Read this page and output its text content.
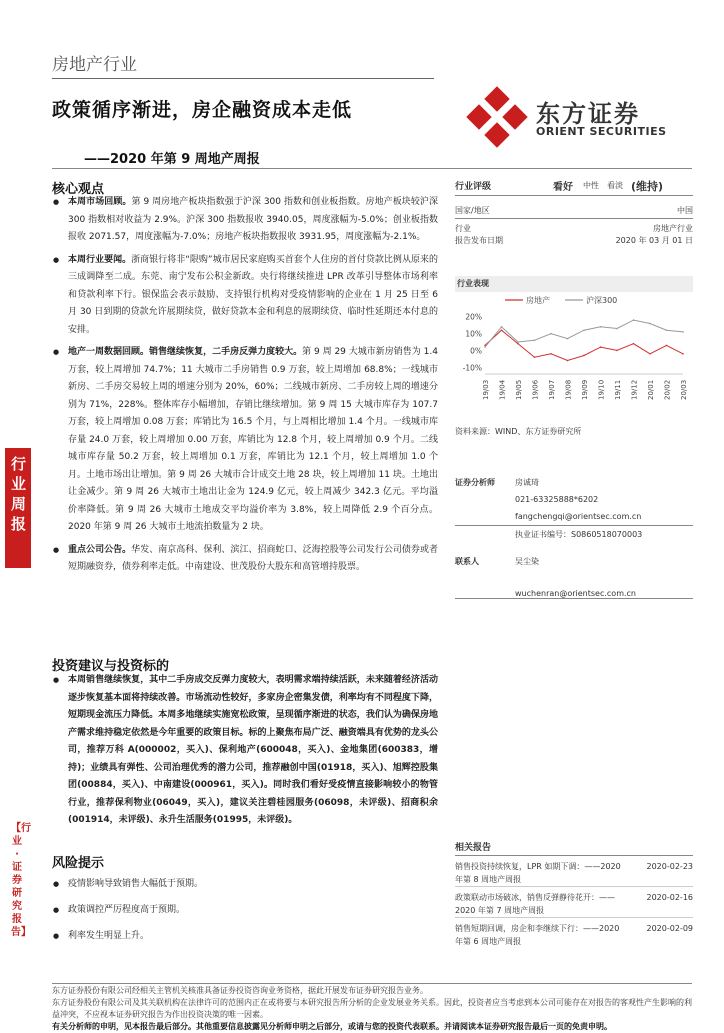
房地产行业
政策循序渐进，房企融资成本走低
——2020 年第 9 周地产周报
东方证券
ORIENT SECURITIES
行业周报
【行业·证券研究报告】
核心观点
● 本周市场回顾。第 9 周房地产板块指数强于沪深 300 指数和创业板指数。房地产板块较沪深 300 指数相对收益为 2.9%。沪深 300 指数报收 3940.05，周度涨幅为-5.0%；创业板指数报收 2071.57，周度涨幅为-7.0%；房地产板块指数报收 3931.95，周度涨幅为-2.1%。
● 本周行业要闻。浙商银行将非“限购”城市居民家庭购买首套个人住房的首付贷款比例从原来的三成调降至二成。东莞、南宁发布公积金新政。央行将继续推进 LPR 改革引导整体市场利率和贷款利率下行。银保监会表示鼓励、支持银行机构对受疫情影响的企业在 1 月 25 日至 6 月 30 日到期的贷款允许展期续贷，做好贷款本金和利息的展期续贷、临时性延期还本付息的安排。
● 地产一周数据回顾。销售继续恢复，二手房反弹力度较大。第 9 周 29 大城市新房销售为 1.4 万套，较上周增加 74.7%；11 大城市二手房销售 0.9 万套，较上周增加 68.8%；一线城市新房、二手房交易较上周的增速分别为 20%，60%；二线城市新房、二手房较上周的增速分别为 71%，228%。整体库存小幅增加，存销比继续增加。第 9 周 15 大城市库存为 107.7 万套，较上周增加 0.08 万套；库销比为 16.5 个月，与上周相比增加 1.4 个月。一线城市库存量 24.0 万套，较上周增加 0.00 万套，库销比为 12.8 个月，较上周增加 0.9 个月。二线城市库存量 50.2 万套，较上周增加 0.1 万套，库销比为 12.1 个月，较上周增加 1.0 个月。土地市场出让增加。第 9 周 26 大城市合计成交土地 28 块，较上周增加 11 块。土地出让金减少。第 9 周 26 大城市土地出让金为 124.9 亿元，较上周减少 342.3 亿元。平均溢价率降低。第 9 周 26 大城市土地成交平均溢价率为 3.8%，较上周降低 2.9 个百分点。2020 年第 9 周 26 大城市土地流拍数量为 2 块。
● 重点公司公告。华发、南京高科、保利、滨江、招商蛇口、泛海控股等公司发行公司债券或者短期融资券，债券利率走低。中南建设、世茂股份大股东和高管增持股票。
投资建议与投资标的
● 本周销售继续恢复，其中二手房成交反弹力度较大，表明需求端持续活跃，未来随着经济活动逐步恢复基本面将持续改善。市场流动性较好，多家房企密集发债，利率均有不同程度下降，短期现金流压力降低。本周多地继续实施宽松政策，呈现循序渐进的状态，我们认为确保房地产需求维持稳定依然是今年重要的政策目标。标的上聚焦布局广泛、融资端具有优势的龙头公司，推荐万科 A(000002，买入)、保利地产(600048，买入)、金地集团(600383，增持)；业绩具有弹性、公司治理优秀的潜力公司，推荐融创中国(01918，买入)、旭辉控股集团(00884，买入)、中南建设(000961，买入)。同时我们看好受疫情直接影响较小的物管行业，推荐保利物业(06049，买入)，建议关注碧桂园服务(06098，未评级)、招商积余(001914，未评级)、永升生活服务(01995，未评级)。
风险提示
● 疫情影响导致销售大幅低于预期。
● 政策调控严厉程度高于预期。
● 利率发生明显上升。
行业评级	看好 中性 看淡 (维持)
国家/地区	中国
行业	房地产行业
报告发布日期	2020 年 03 月 01 日
行业表现
房地产	沪深300
20%
10%
0%
-10%
19/03 19/04 19/05 19/06 19/07 19/08 19/09 19/10 19/11 19/12 20/01 20/02 20/03
资料来源：WIND、东方证券研究所
证券分析师	房诚琦
021-63325888*6202
fangchengqi@orientsec.com.cn
执业证书编号：S0860518070003
联系人	吴尘染
wuchenran@orientsec.com.cn
相关报告
销售投资持续恢复，LPR 如期下调：——2020 年第 8 周地产周报
2020-02-23
政策联动市场破冰，销售反弹静待花开：——2020 年第 7 周地产周报
2020-02-16
销售短期回调，房企和李继续下行：——2020 年第 6 周地产周报
2020-02-09
东方证券股份有限公司经相关主管机关核准具备证券投资咨询业务资格，据此开展发布证券研究报告业务。
东方证券股份有限公司及其关联机构在法律许可的范围内正在或将要与本研究报告所分析的企业发展业务关系。因此，投资者应当考虑到本公司可能存在对报告的客观性产生影响的利益冲突，不应视本证券研究报告为作出投资决策的唯一因素。
有关分析师的申明，见本报告最后部分。其他重要信息披露见分析师申明之后部分，或请与您的投资代表联系。并请阅读本证券研究报告最后一页的免责申明。
